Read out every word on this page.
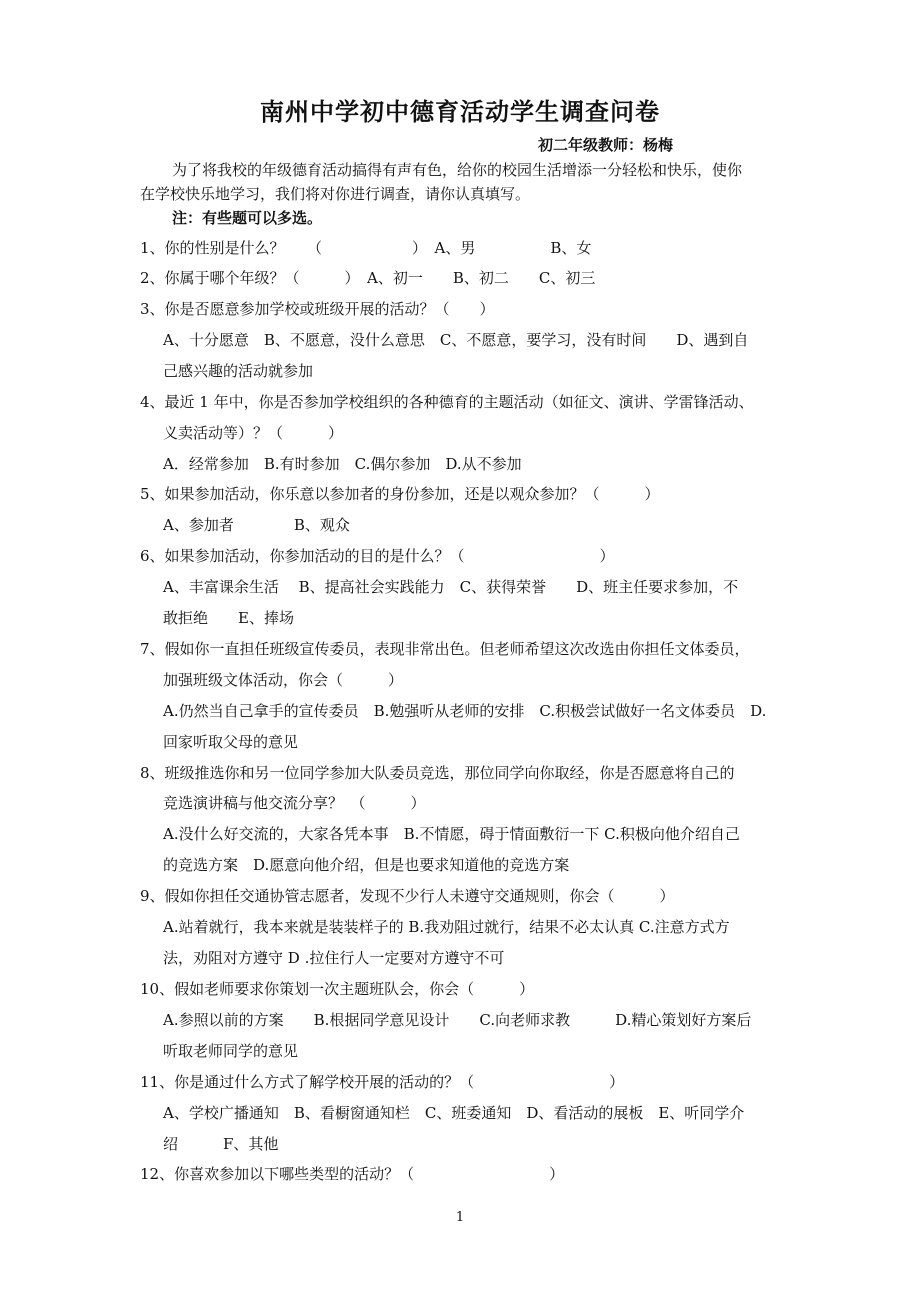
南州中学初中德育活动学生调查问卷
初二年级教师：杨梅
为了将我校的年级德育活动搞得有声有色，给你的校园生活增添一分轻松和快乐，使你
在学校快乐地学习，我们将对你进行调查，请你认真填写。
注：有些题可以多选。
1、你的性别是什么？　　（　　　　　　）　A、男　　　　　B、女
2、你属于哪个年级？（　　　）　A、初一　　B、初二　　C、初三
3、你是否愿意参加学校或班级开展的活动？（　　）
A、十分愿意　B、不愿意，没什么意思　C、不愿意，要学习，没有时间　　D、遇到自
己感兴趣的活动就参加
4、最近 1 年中，你是否参加学校组织的各种德育的主题活动（如征文、演讲、学雷锋活动、
义卖活动等）？（　　　）
A．经常参加　B.有时参加　C.偶尔参加　D.从不参加
5、如果参加活动，你乐意以参加者的身份参加，还是以观众参加？（　　　）
A、参加者　　　　B、观众
6、如果参加活动，你参加活动的目的是什么？（　　　　　　　　　）
A、丰富课余生活　 B、提高社会实践能力　C、获得荣誉　　D、班主任要求参加，不
敢拒绝　　E、捧场
7、假如你一直担任班级宣传委员，表现非常出色。但老师希望这次改选由你担任文体委员，
加强班级文体活动，你会（　　　）
A.仍然当自己拿手的宣传委员　B.勉强听从老师的安排　C.积极尝试做好一名文体委员　D.
回家听取父母的意见
8、班级推选你和另一位同学参加大队委员竞选，那位同学向你取经，你是否愿意将自己的
竞选演讲稿与他交流分享？　（　　　）
A.没什么好交流的，大家各凭本事　B.不情愿，碍于情面敷衍一下 C.积极向他介绍自己
的竞选方案　D.愿意向他介绍，但是也要求知道他的竞选方案
9、假如你担任交通协管志愿者，发现不少行人未遵守交通规则，你会（　　　）
A.站着就行，我本来就是装装样子的 B.我劝阻过就行，结果不必太认真 C.注意方式方
法，劝阻对方遵守 D .拉住行人一定要对方遵守不可
10、假如老师要求你策划一次主题班队会，你会（　　　）
A.参照以前的方案　　B.根据同学意见设计　　C.向老师求教　　　D.精心策划好方案后
听取老师同学的意见
11、你是通过什么方式了解学校开展的活动的？（　　　　　　　　　）
A、学校广播通知　B、看橱窗通知栏　C、班委通知　D、看活动的展板　E、听同学介
绍　　　F、其他
12、你喜欢参加以下哪些类型的活动？（　　　　　　　　　）
1
